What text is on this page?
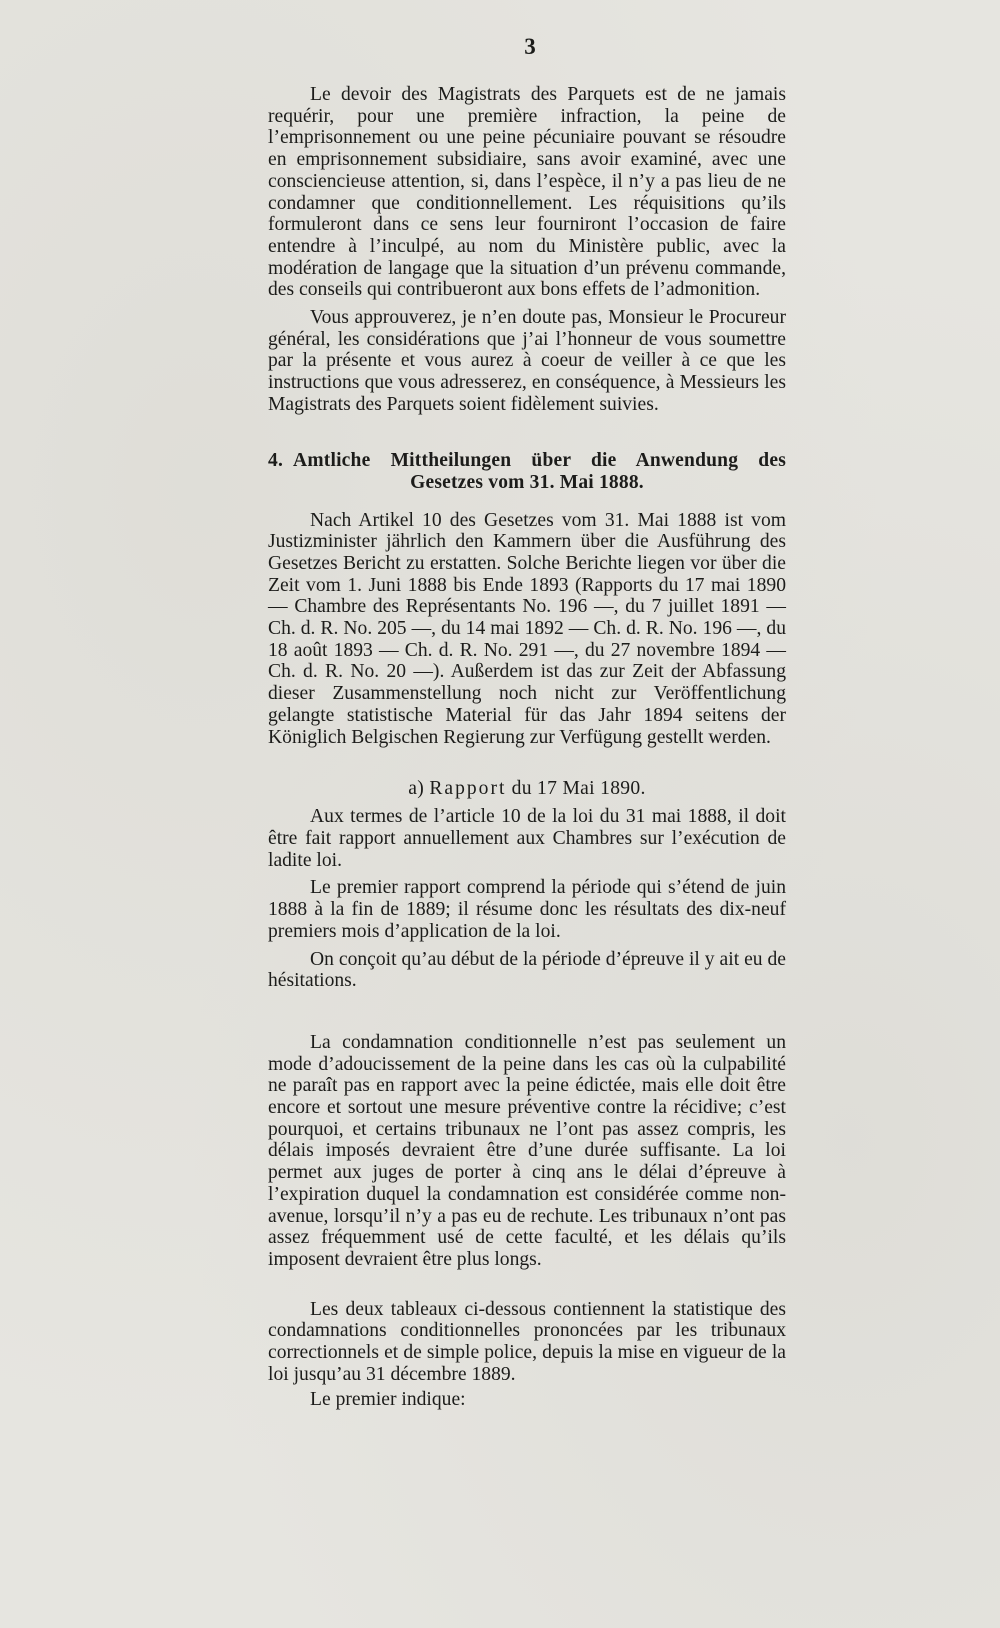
3

Le devoir des Magistrats des Parquets est de ne jamais requérir, pour une première infraction, la peine de l’emprisonnement ou une peine pécuniaire pouvant se résoudre en emprisonnement subsidiaire, sans avoir examiné, avec une consciencieuse attention, si, dans l’espèce, il n’y a pas lieu de ne condamner que conditionnellement. Les réquisitions qu’ils formuleront dans ce sens leur fourniront l’occasion de faire entendre à l’inculpé, au nom du Ministère public, avec la modération de langage que la situation d’un prévenu commande, des conseils qui contribueront aux bons effets de l’admonition.

Vous approuverez, je n’en doute pas, Monsieur le Procureur général, les considérations que j’ai l’honneur de vous soumettre par la présente et vous aurez à coeur de veiller à ce que les instructions que vous adresserez, en conséquence, à Messieurs les Magistrats des Parquets soient fidèlement suivies.

4. Amtliche Mittheilungen über die Anwendung des Gesetzes vom 31. Mai 1888.

Nach Artikel 10 des Gesetzes vom 31. Mai 1888 ist vom Justizminister jährlich den Kammern über die Ausführung des Gesetzes Bericht zu erstatten. Solche Berichte liegen vor über die Zeit vom 1. Juni 1888 bis Ende 1893 (Rapports du 17 mai 1890 — Chambre des Représentants No. 196 —, du 7 juillet 1891 — Ch. d. R. No. 205 —, du 14 mai 1892 — Ch. d. R. No. 196 —, du 18 août 1893 — Ch. d. R. No. 291 —, du 27 novembre 1894 — Ch. d. R. No. 20 —). Außerdem ist das zur Zeit der Abfassung dieser Zusammenstellung noch nicht zur Veröffentlichung gelangte statistische Material für das Jahr 1894 seitens der Königlich Belgischen Regierung zur Verfügung gestellt werden.

a) Rapport du 17 Mai 1890.

Aux termes de l’article 10 de la loi du 31 mai 1888, il doit être fait rapport annuellement aux Chambres sur l’exécution de ladite loi.

Le premier rapport comprend la période qui s’étend de juin 1888 à la fin de 1889; il résume donc les résultats des dix-neuf premiers mois d’application de la loi.

On conçoit qu’au début de la période d’épreuve il y ait eu de hésitations.

La condamnation conditionnelle n’est pas seulement un mode d’adoucissement de la peine dans les cas où la culpabilité ne paraît pas en rapport avec la peine édictée, mais elle doit être encore et sortout une mesure préventive contre la récidive; c’est pourquoi, et certains tribunaux ne l’ont pas assez compris, les délais imposés devraient être d’une durée suffisante. La loi permet aux juges de porter à cinq ans le délai d’épreuve à l’expiration duquel la condamnation est considérée comme non-avenue, lorsqu’il n’y a pas eu de rechute. Les tribunaux n’ont pas assez fréquemment usé de cette faculté, et les délais qu’ils imposent devraient être plus longs.

Les deux tableaux ci-dessous contiennent la statistique des condamnations conditionnelles prononcées par les tribunaux correctionnels et de simple police, depuis la mise en vigueur de la loi jusqu’au 31 décembre 1889.

Le premier indique:
